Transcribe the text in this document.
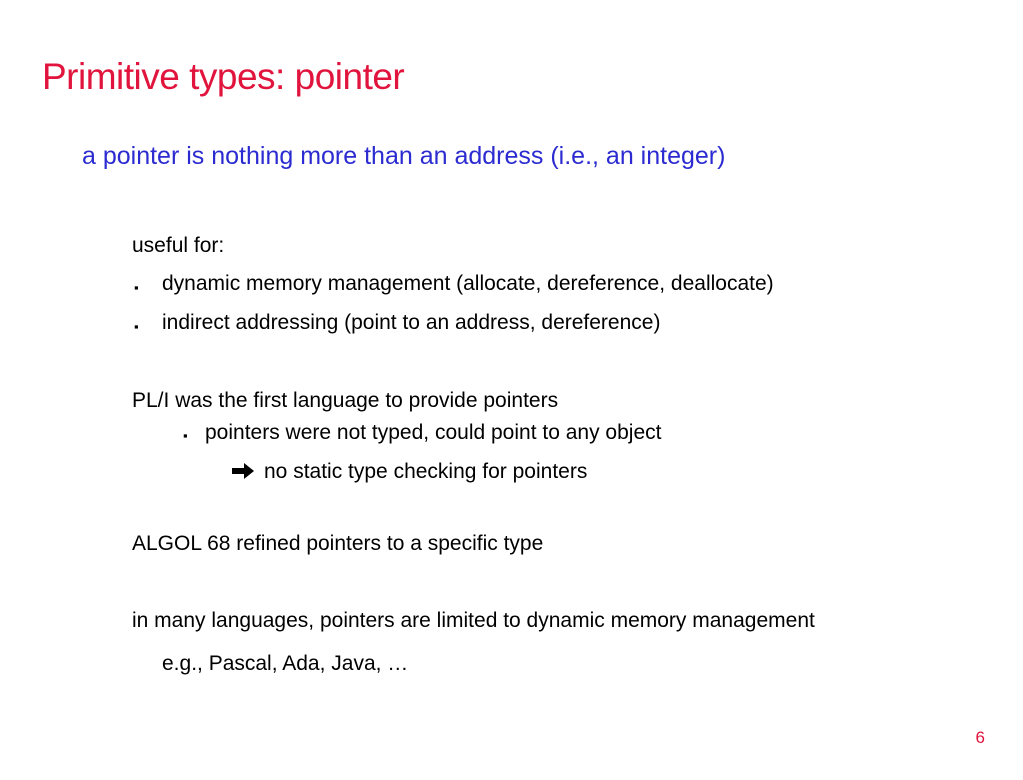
Primitive types: pointer
a pointer is nothing more than an address (i.e., an integer)
useful for:
▪ dynamic memory management (allocate, dereference, deallocate)
▪ indirect addressing (point to an address, dereference)
PL/I was the first language to provide pointers
▪ pointers were not typed, could point to any object
no static type checking for pointers
ALGOL 68 refined pointers to a specific type
in many languages, pointers are limited to dynamic memory management
e.g., Pascal, Ada, Java, …
6
